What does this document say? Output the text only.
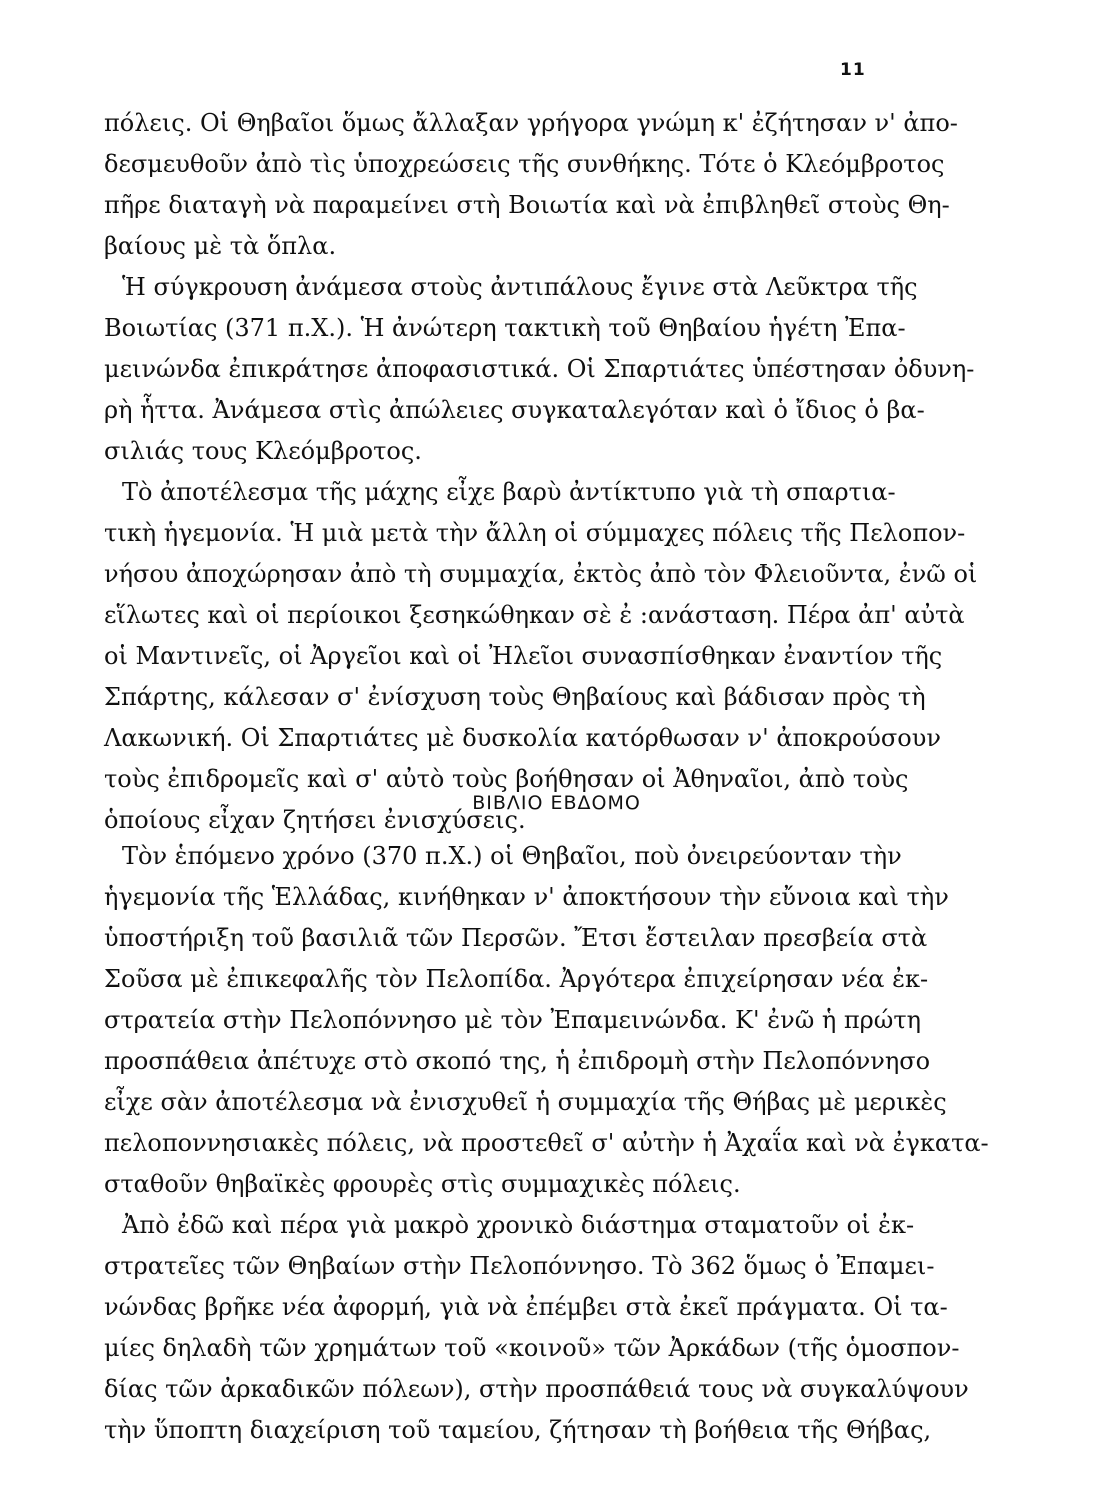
11
πόλεις. Οἱ Θηβαῖοι ὅμως ἄλλαξαν γρήγορα γνώμη κ' ἐζήτησαν ν' ἀπο-
δεσμευθοῦν ἀπὸ τὶς ὑποχρεώσεις τῆς συνθήκης. Τότε ὁ Κλεόμβροτος
πῆρε διαταγὴ νὰ παραμείνει στὴ Βοιωτία καὶ νὰ ἐπιβληθεῖ στοὺς Θη-
βαίους μὲ τὰ ὅπλα.
Ἡ σύγκρουση ἀνάμεσα στοὺς ἀντιπάλους ἔγινε στὰ Λεῦκτρα τῆς
Βοιωτίας (371 π.Χ.). Ἡ ἀνώτερη τακτικὴ τοῦ Θηβαίου ἡγέτη Ἐπα-
μεινώνδα ἐπικράτησε ἀποφασιστικά. Οἱ Σπαρτιάτες ὑπέστησαν ὀδυνη-
ρὴ ἧττα. Ἀνάμεσα στὶς ἀπώλειες συγκαταλεγόταν καὶ ὁ ἴδιος ὁ βα-
σιλιάς τους Κλεόμβροτος.
Τὸ ἀποτέλεσμα τῆς μάχης εἶχε βαρὺ ἀντίκτυπο γιὰ τὴ σπαρτια-
τικὴ ἡγεμονία. Ἡ μιὰ μετὰ τὴν ἄλλη οἱ σύμμαχες πόλεις τῆς Πελοπον-
νήσου ἀποχώρησαν ἀπὸ τὴ συμμαχία, ἐκτὸς ἀπὸ τὸν Φλειοῦντα, ἐνῶ οἱ
εἵλωτες καὶ οἱ περίοικοι ξεσηκώθηκαν σὲ ἐ :ανάσταση. Πέρα ἀπ' αὐτὰ
οἱ Μαντινεῖς, οἱ Ἀργεῖοι καὶ οἱ Ἠλεῖοι συνασπίσθηκαν ἐναντίον τῆς
Σπάρτης, κάλεσαν σ' ἐνίσχυση τοὺς Θηβαίους καὶ βάδισαν πρὸς τὴ
Λακωνική. Οἱ Σπαρτιάτες μὲ δυσκολία κατόρθωσαν ν' ἀποκρούσουν
τοὺς ἐπιδρομεῖς καὶ σ' αὐτὸ τοὺς βοήθησαν οἱ Ἀθηναῖοι, ἀπὸ τοὺς
ὁποίους εἶχαν ζητήσει ἐνισχύσεις.
ΒΙΒΛΙΟ ΕΒΔΟΜΟ
Τὸν ἑπόμενο χρόνο (370 π.Χ.) οἱ Θηβαῖοι, ποὺ ὀνειρεύονταν τὴν
ἡγεμονία τῆς Ἑλλάδας, κινήθηκαν ν' ἀποκτήσουν τὴν εὔνοια καὶ τὴν
ὑποστήριξη τοῦ βασιλιᾶ τῶν Περσῶν. Ἔτσι ἔστειλαν πρεσβεία στὰ
Σοῦσα μὲ ἐπικεφαλῆς τὸν Πελοπίδα. Ἀργότερα ἐπιχείρησαν νέα ἐκ-
στρατεία στὴν Πελοπόννησο μὲ τὸν Ἐπαμεινώνδα. Κ' ἐνῶ ἡ πρώτη
προσπάθεια ἀπέτυχε στὸ σκοπό της, ἡ ἐπιδρομὴ στὴν Πελοπόννησο
εἶχε σὰν ἀποτέλεσμα νὰ ἐνισχυθεῖ ἡ συμμαχία τῆς Θήβας μὲ μερικὲς
πελοποννησιακὲς πόλεις, νὰ προστεθεῖ σ' αὐτὴν ἡ Ἀχαΐα καὶ νὰ ἐγκατα-
σταθοῦν θηβαϊκὲς φρουρὲς στὶς συμμαχικὲς πόλεις.
Ἀπὸ ἐδῶ καὶ πέρα γιὰ μακρὸ χρονικὸ διάστημα σταματοῦν οἱ ἐκ-
στρατεῖες τῶν Θηβαίων στὴν Πελοπόννησο. Τὸ 362 ὅμως ὁ Ἐπαμει-
νώνδας βρῆκε νέα ἀφορμή, γιὰ νὰ ἐπέμβει στὰ ἐκεῖ πράγματα. Οἱ τα-
μίες δηλαδὴ τῶν χρημάτων τοῦ «κοινοῦ» τῶν Ἀρκάδων (τῆς ὁμοσπον-
δίας τῶν ἀρκαδικῶν πόλεων), στὴν προσπάθειά τους νὰ συγκαλύψουν
τὴν ὕποπτη διαχείριση τοῦ ταμείου, ζήτησαν τὴ βοήθεια τῆς Θήβας,
